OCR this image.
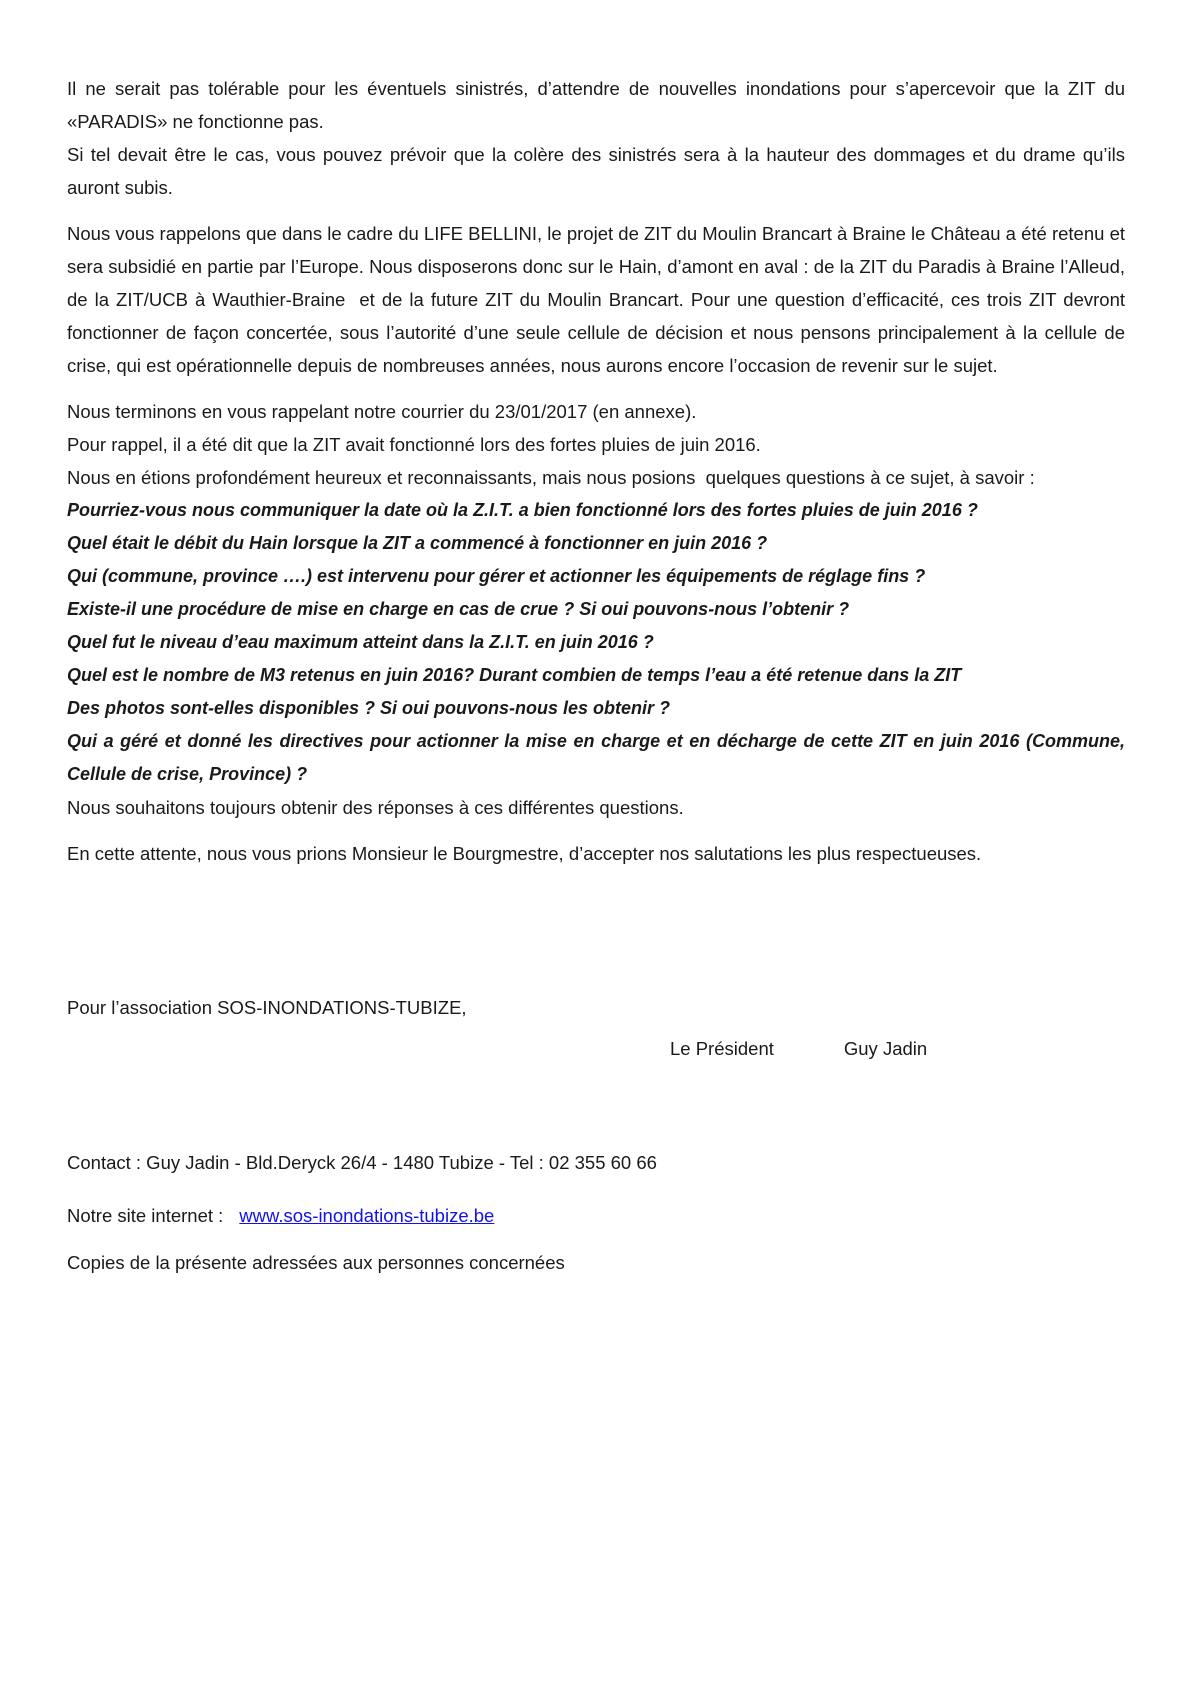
Il ne serait pas tolérable pour les éventuels sinistrés, d’attendre de nouvelles inondations pour s’apercevoir que la ZIT du «PARADIS» ne fonctionne pas.
Si tel devait être le cas, vous pouvez prévoir que la colère des sinistrés sera à la hauteur des dommages et du drame qu’ils auront subis.
Nous vous rappelons que dans le cadre du LIFE BELLINI, le projet de ZIT du Moulin Brancart à Braine le Château a été retenu et sera subsidié en partie par l’Europe. Nous disposerons donc sur le Hain, d’amont en aval : de la ZIT du Paradis à Braine l’Alleud, de la ZIT/UCB à Wauthier-Braine  et de la future ZIT du Moulin Brancart. Pour une question d’efficacité, ces trois ZIT devront fonctionner de façon concertée, sous l’autorité d’une seule cellule de décision et nous pensons principalement à la cellule de crise, qui est opérationnelle depuis de nombreuses années, nous aurons encore l’occasion de revenir sur le sujet.
Nous terminons en vous rappelant notre courrier du 23/01/2017 (en annexe).
Pour rappel, il a été dit que la ZIT avait fonctionné lors des fortes pluies de juin 2016.
Nous en étions profondément heureux et reconnaissants, mais nous posions  quelques questions à ce sujet, à savoir :
Pourriez-vous nous communiquer la date où la Z.I.T. a bien fonctionné lors des fortes pluies de juin 2016 ?
Quel était le débit du Hain lorsque la ZIT a commencé à fonctionner en juin 2016 ?
Qui (commune, province ….) est intervenu pour gérer et actionner les équipements de réglage fins ?
Existe-il une procédure de mise en charge en cas de crue ? Si oui pouvons-nous l’obtenir ?
Quel fut le niveau d’eau maximum atteint dans la Z.I.T. en juin 2016 ?
Quel est le nombre de M3 retenus en juin 2016? Durant combien de temps l’eau a été retenue dans la ZIT
Des photos sont-elles disponibles ? Si oui pouvons-nous les obtenir ?
Qui a géré et donné les directives pour actionner la mise en charge et en décharge de cette ZIT en juin 2016 (Commune, Cellule de crise, Province) ?
Nous souhaitons toujours obtenir des réponses à ces différentes questions.
En cette attente, nous vous prions Monsieur le Bourgmestre, d’accepter nos salutations les plus respectueuses.
Pour l’association SOS-INONDATIONS-TUBIZE,
Le Président	Guy Jadin
Contact : Guy Jadin - Bld.Deryck 26/4 - 1480 Tubize - Tel : 02 355 60 66
Notre site internet : www.sos-inondations-tubize.be
Copies de la présente adressées aux personnes concernées
